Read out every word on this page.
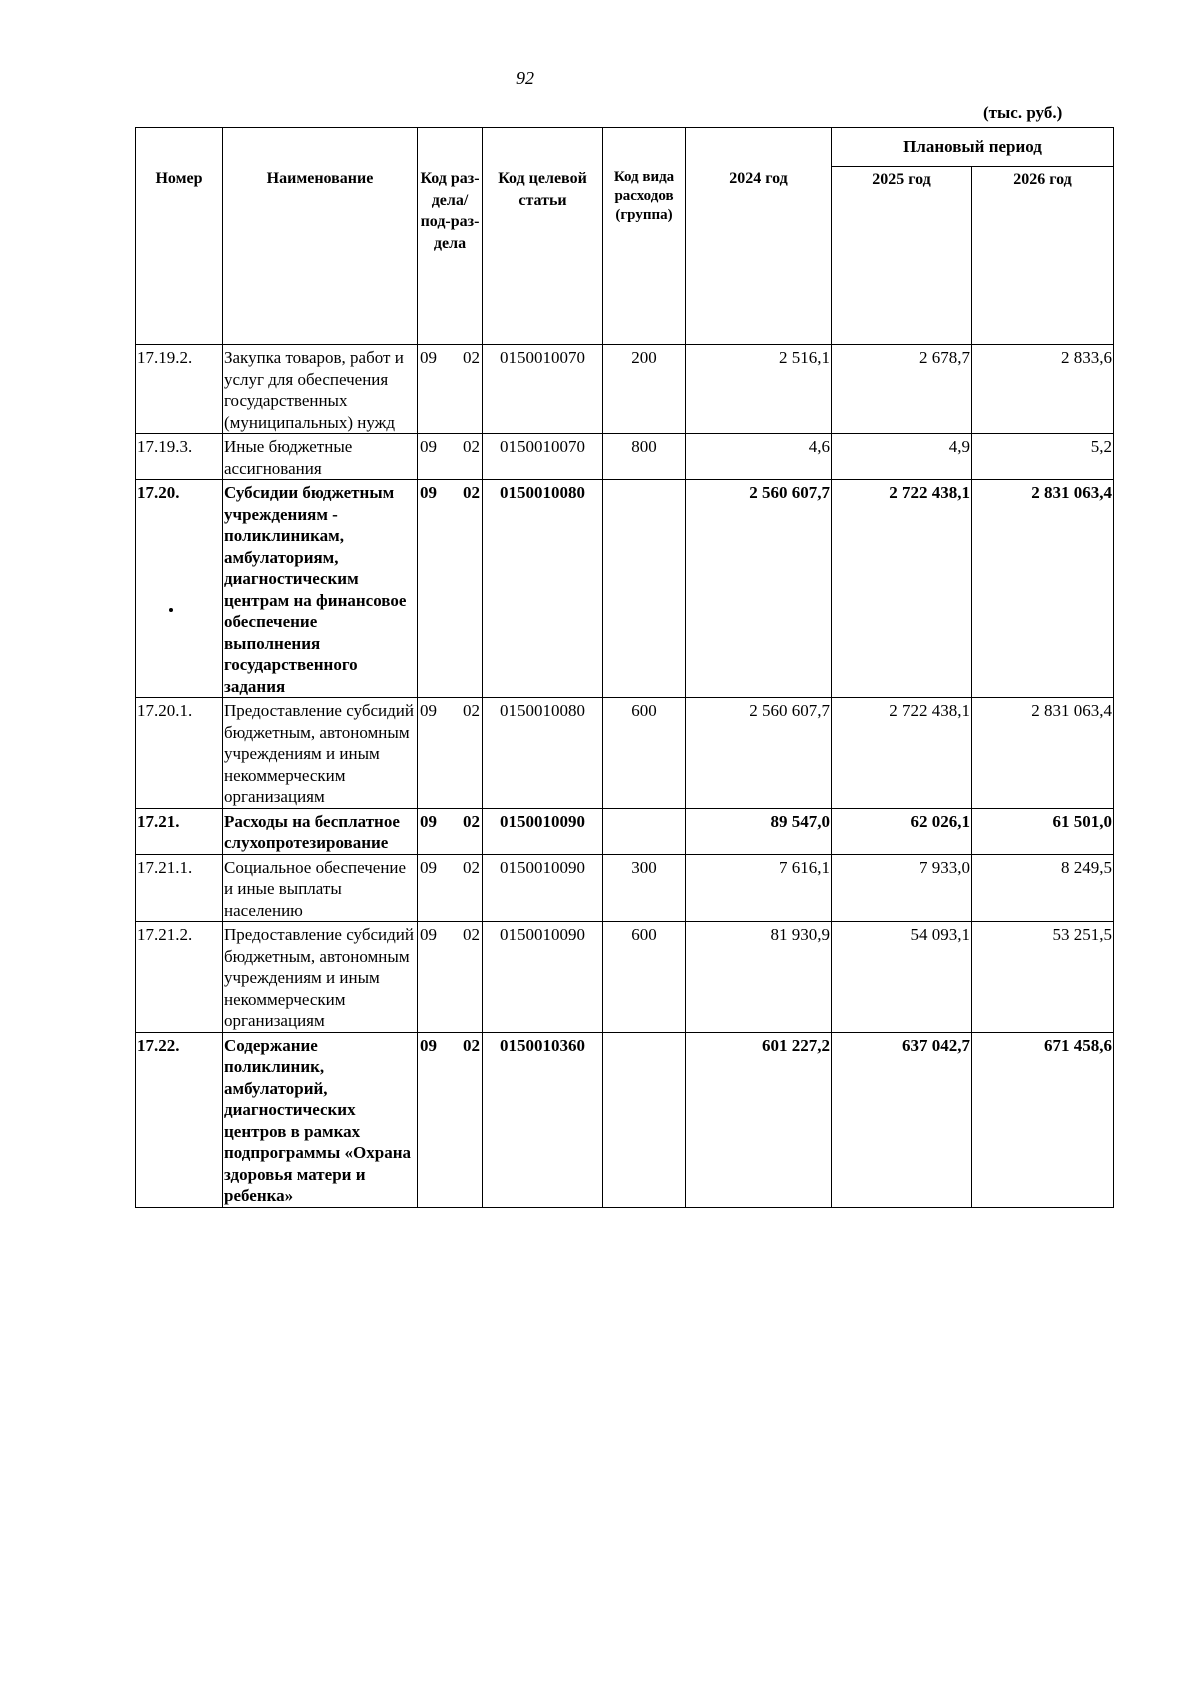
92
(тыс. руб.)
Номер	Наименование	Код раз-дела/ под-раз-дела	Код целевой статьи	Код вида расходов (группа)	2024 год	Плановый период	
						2025 год	2026 год
17.19.2.	Закупка товаров, работ и услуг для обеспечения государственных (муниципальных) нужд	09 02	0150010070	200	2 516,1	2 678,7	2 833,6
17.19.3.	Иные бюджетные ассигнования	09 02	0150010070	800	4,6	4,9	5,2
17.20.	Субсидии бюджетным учреждениям - поликлиникам, амбулаториям, диагностическим центрам на финансовое обеспечение выполнения государственного задания	09 02	0150010080		2 560 607,7	2 722 438,1	2 831 063,4
17.20.1.	Предоставление субсидий бюджетным, автономным учреждениям и иным некоммерческим организациям	09 02	0150010080	600	2 560 607,7	2 722 438,1	2 831 063,4
17.21.	Расходы на бесплатное слухопротезирование	09 02	0150010090		89 547,0	62 026,1	61 501,0
17.21.1.	Социальное обеспечение и иные выплаты населению	09 02	0150010090	300	7 616,1	7 933,0	8 249,5
17.21.2.	Предоставление субсидий бюджетным, автономным учреждениям и иным некоммерческим организациям	09 02	0150010090	600	81 930,9	54 093,1	53 251,5
17.22.	Содержание поликлиник, амбулаторий, диагностических центров в рамках подпрограммы «Охрана здоровья матери и ребенка»	09 02	0150010360		601 227,2	637 042,7	671 458,6
